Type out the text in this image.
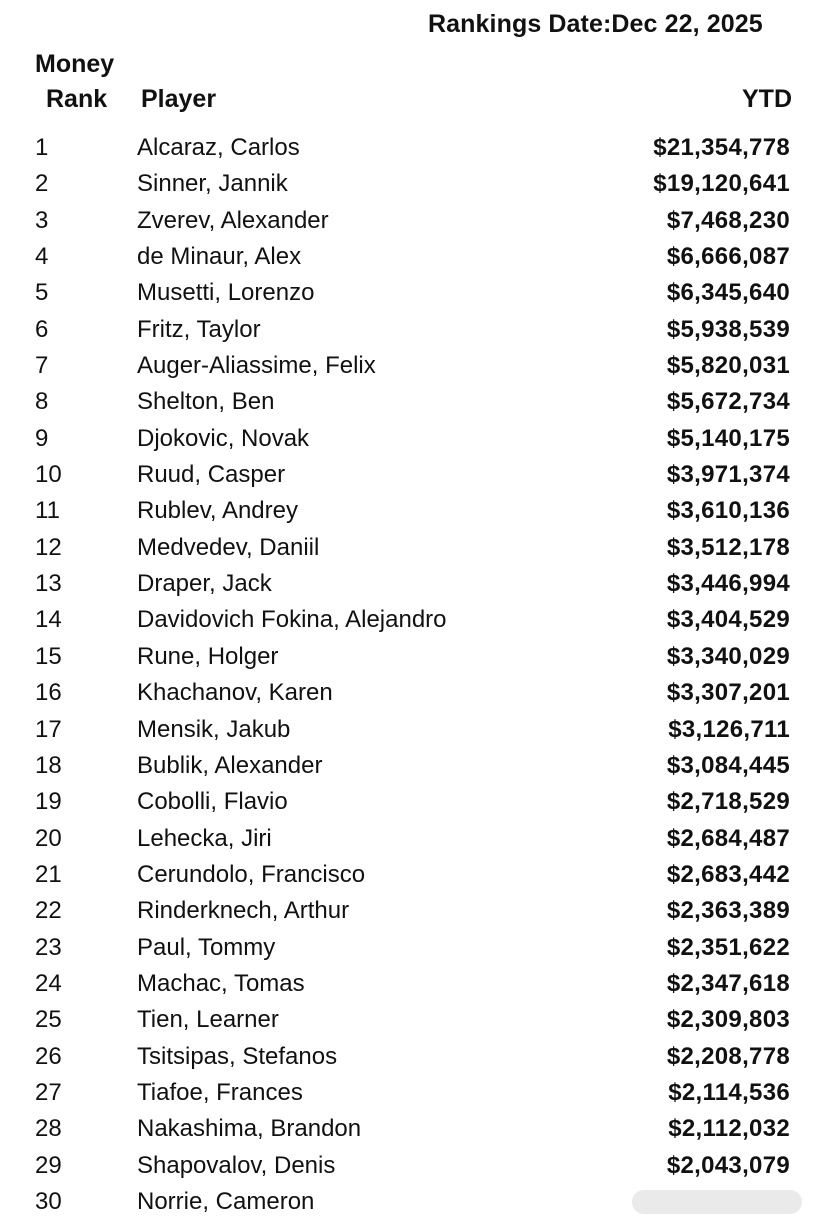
Rankings Date:Dec 22, 2025
Money
Rank Player	YTD
1	Alcaraz, Carlos	$21,354,778
2	Sinner, Jannik	$19,120,641
3	Zverev, Alexander	$7,468,230
4	de Minaur, Alex	$6,666,087
5	Musetti, Lorenzo	$6,345,640
6	Fritz, Taylor	$5,938,539
7	Auger-Aliassime, Felix	$5,820,031
8	Shelton, Ben	$5,672,734
9	Djokovic, Novak	$5,140,175
10	Ruud, Casper	$3,971,374
11	Rublev, Andrey	$3,610,136
12	Medvedev, Daniil	$3,512,178
13	Draper, Jack	$3,446,994
14	Davidovich Fokina, Alejandro	$3,404,529
15	Rune, Holger	$3,340,029
16	Khachanov, Karen	$3,307,201
17	Mensik, Jakub	$3,126,711
18	Bublik, Alexander	$3,084,445
19	Cobolli, Flavio	$2,718,529
20	Lehecka, Jiri	$2,684,487
21	Cerundolo, Francisco	$2,683,442
22	Rinderknech, Arthur	$2,363,389
23	Paul, Tommy	$2,351,622
24	Machac, Tomas	$2,347,618
25	Tien, Learner	$2,309,803
26	Tsitsipas, Stefanos	$2,208,778
27	Tiafoe, Frances	$2,114,536
28	Nakashima, Brandon	$2,112,032
29	Shapovalov, Denis	$2,043,079
30	Norrie, Cameron
